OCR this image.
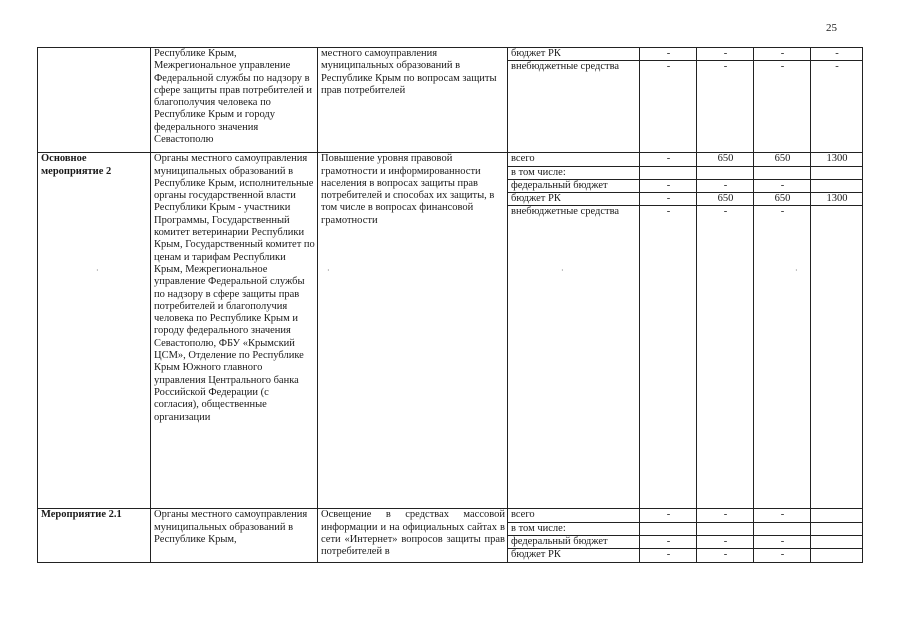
25
	Республике Крым, Межрегиональное управление Федеральной службы по надзору в сфере защиты прав потребителей и благополучия человека по Республике Крым и городу федерального значения Севастополю	местного самоуправления муниципальных образований в Республике Крым по вопросам защиты прав потребителей	бюджет РК	-	-	-	-
			внебюджетные средства	-	-	-	-
Основное мероприятие 2	Органы местного самоуправления муниципальных образований в Республике Крым, исполнительные органы государственной власти Республики Крым - участники Программы, Государственный комитет ветеринарии Республики Крым, Государственный комитет по ценам и тарифам Республики Крым, Межрегиональное управление Федеральной службы по надзору в сфере защиты прав потребителей и благополучия человека по Республике Крым и городу федерального значения Севастополю, ФБУ «Крымский ЦСМ», Отделение по Республике Крым Южного главного управления Центрального банка Российской Федерации (с согласия), общественные организации	Повышение уровня правовой грамотности и информированности населения в вопросах защиты прав потребителей и способах их защиты, в том числе в вопросах финансовой грамотности	всего	-	650	650	1300
			в том числе:				
			федеральный бюджет	-	-	-	
			бюджет РК	-	650	650	1300
			внебюджетные средства	-	-	-	
Мероприятие 2.1	Органы местного самоуправления муниципальных образований в Республике Крым,	Освещение в средствах массовой информации и на официальных сайтах в сети «Интернет» вопросов защиты прав потребителей в	всего	-	-	-	
			в том числе:				
			федеральный бюджет	-	-	-	
			бюджет РК	-	-	-	
·	·	·	·
